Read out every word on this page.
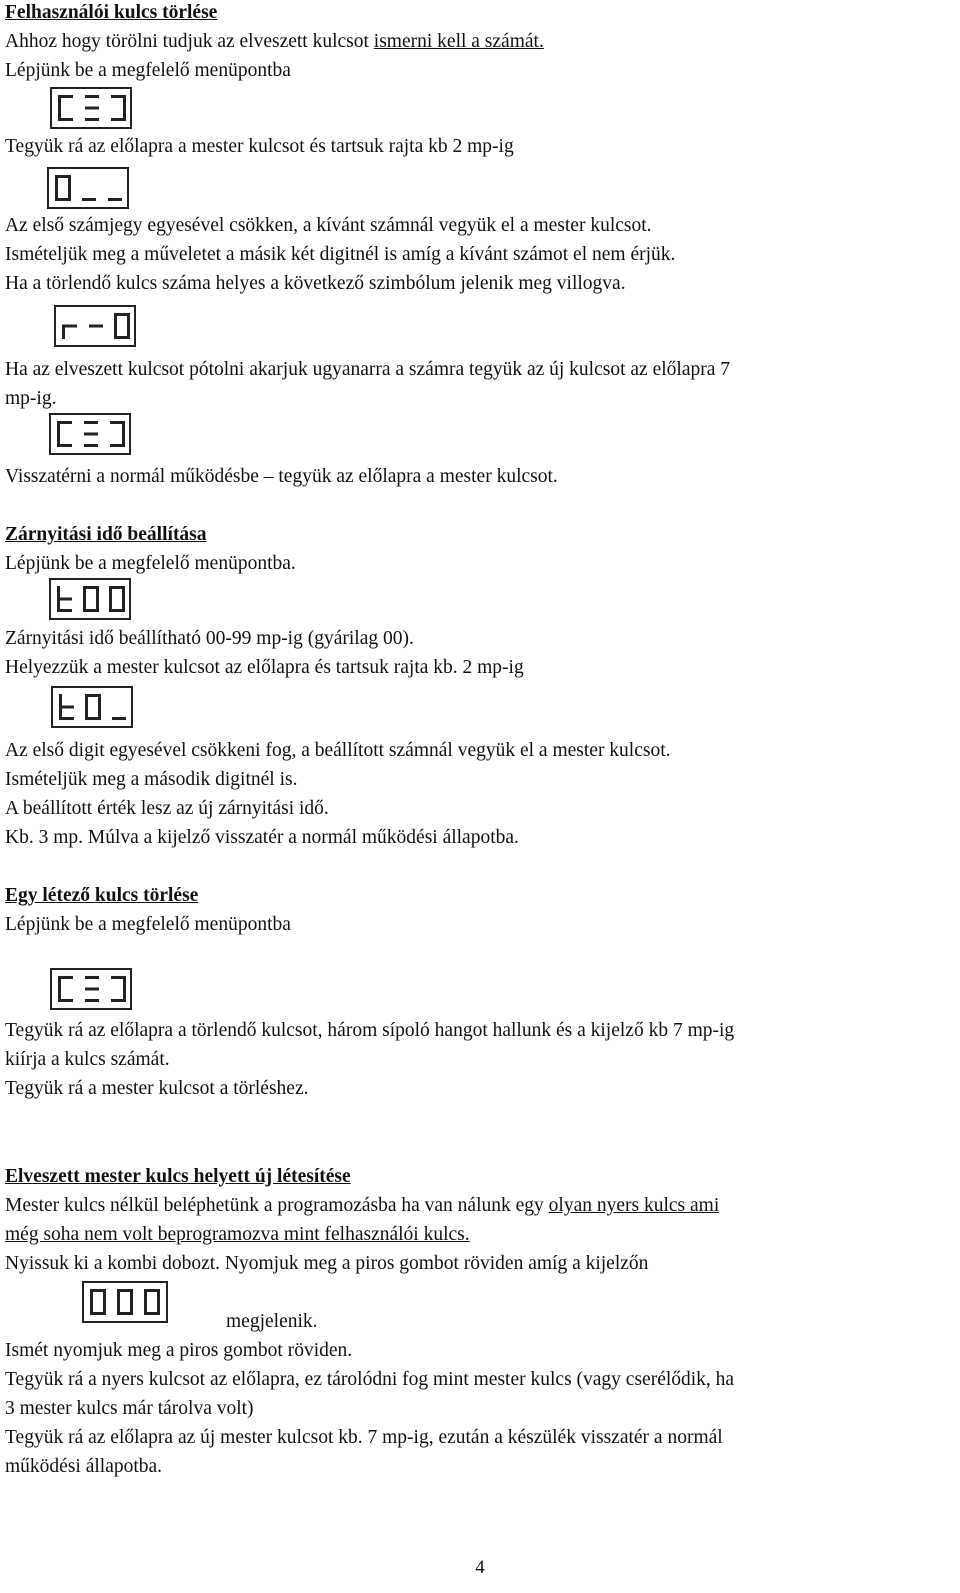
Felhasználói kulcs törlése
Ahhoz hogy törölni tudjuk az elveszett kulcsot ismerni kell a számát.
Lépjünk be a megfelelő menüpontba
Tegyük rá az előlapra a mester kulcsot és tartsuk rajta kb 2 mp-ig
Az első számjegy egyesével csökken, a kívánt számnál vegyük el a mester kulcsot.
Ismételjük meg a műveletet a másik két digitnél is amíg a kívánt számot el nem érjük.
Ha a törlendő kulcs száma helyes a következő szimbólum jelenik meg villogva.
Ha az elveszett kulcsot pótolni akarjuk ugyanarra a számra tegyük az új kulcsot az előlapra 7
mp-ig.
Visszatérni a normál működésbe – tegyük az előlapra a mester kulcsot.
Zárnyitási idő beállítása
Lépjünk be a megfelelő menüpontba.
Zárnyitási idő beállítható 00-99 mp-ig (gyárilag 00).
Helyezzük a mester kulcsot az előlapra és tartsuk rajta kb. 2 mp-ig
Az első digit egyesével csökkeni fog, a beállított számnál vegyük el a mester kulcsot.
Ismételjük meg a második digitnél is.
A beállított érték lesz az új zárnyitási idő.
Kb. 3 mp. Múlva a kijelző visszatér a normál működési állapotba.
Egy létező kulcs törlése
Lépjünk be a megfelelő menüpontba
Tegyük rá az előlapra a törlendő kulcsot, három sípoló hangot hallunk és a kijelző kb 7 mp-ig
kiírja a kulcs számát.
Tegyük rá a mester kulcsot a törléshez.
Elveszett mester kulcs helyett új létesítése
Mester kulcs nélkül beléphetünk a programozásba ha van nálunk egy olyan nyers kulcs ami
még soha nem volt beprogramozva mint felhasználói kulcs.
Nyissuk ki a kombi dobozt. Nyomjuk meg a piros gombot röviden amíg a kijelzőn
megjelenik.
Ismét nyomjuk meg a piros gombot röviden.
Tegyük rá a nyers kulcsot az előlapra, ez tárolódni fog mint mester kulcs (vagy cserélődik, ha
3 mester kulcs már tárolva volt)
Tegyük rá az előlapra az új mester kulcsot kb. 7 mp-ig, ezután a készülék visszatér a normál
működési állapotba.
4
